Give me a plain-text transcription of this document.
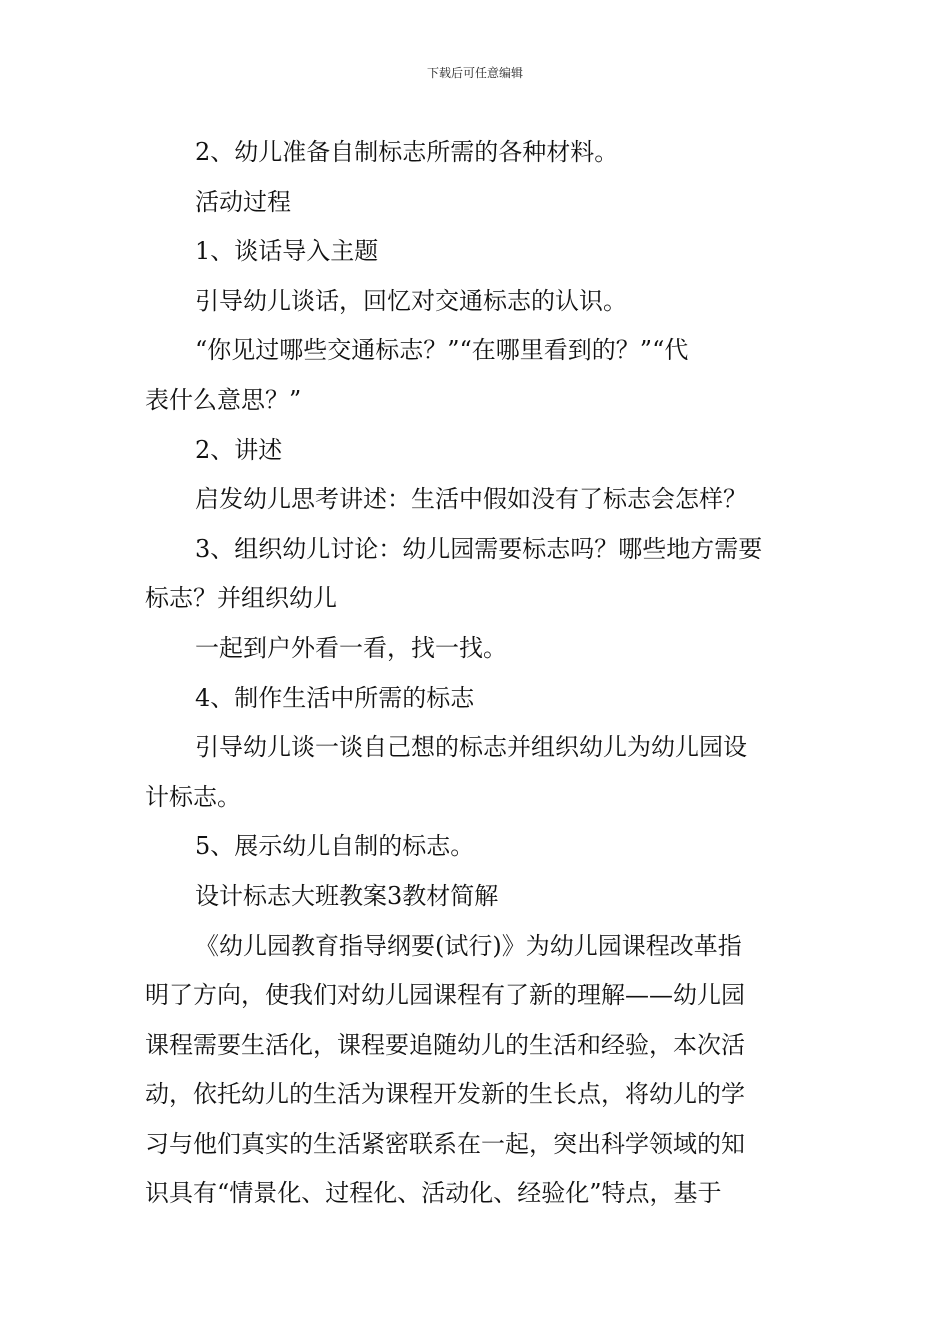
下载后可任意编辑

2、幼儿准备自制标志所需的各种材料。

活动过程

1、谈话导入主题

引导幼儿谈话，回忆对交通标志的认识。

“你见过哪些交通标志？”“在哪里看到的？”“代

表什么意思？”

2、讲述

启发幼儿思考讲述：生活中假如没有了标志会怎样？

3、组织幼儿讨论：幼儿园需要标志吗？哪些地方需要

标志？并组织幼儿

一起到户外看一看，找一找。

4、制作生活中所需的标志

引导幼儿谈一谈自己想的标志并组织幼儿为幼儿园设

计标志。

5、展示幼儿自制的标志。

设计标志大班教案3教材简解

《幼儿园教育指导纲要(试行)》为幼儿园课程改革指

明了方向，使我们对幼儿园课程有了新的理解——幼儿园

课程需要生活化，课程要追随幼儿的生活和经验，本次活

动，依托幼儿的生活为课程开发新的生长点，将幼儿的学

习与他们真实的生活紧密联系在一起，突出科学领域的知

识具有“情景化、过程化、活动化、经验化”特点，基于
